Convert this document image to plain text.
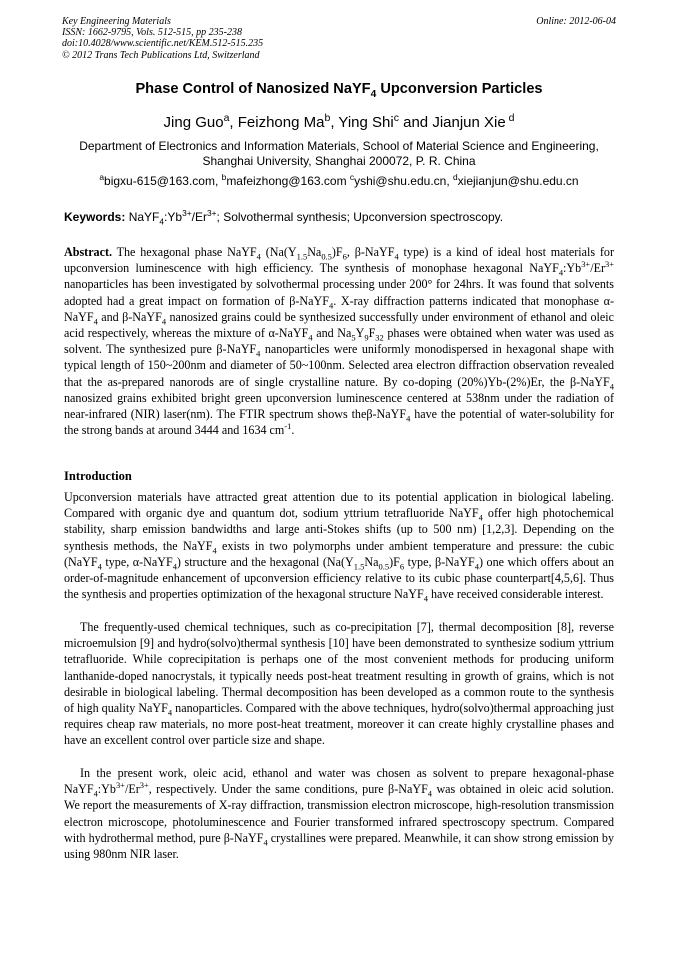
Key Engineering Materials
ISSN: 1662-9795, Vols. 512-515, pp 235-238
doi:10.4028/www.scientific.net/KEM.512-515.235
© 2012 Trans Tech Publications Ltd, Switzerland
Online: 2012-06-04
Phase Control of Nanosized NaYF$_4$ Upconversion Particles
Jing Guo$^a$, Feizhong Ma$^b$, Ying Shi$^c$ and Jianjun Xie $^d$
Department of Electronics and Information Materials, School of Material Science and Engineering,
Shanghai University, Shanghai 200072, P. R. China
$^a$bigxu-615@163.com, $^b$mafeizhong@163.com $^c$yshi@shu.edu.cn, $^d$xiejianjun@shu.edu.cn
Keywords: $NaYF_4:Yb^{3+}/Er^{3+}$; Solvothermal synthesis; Upconversion spectroscopy.
Abstract. The hexagonal phase NaYF$_4$ ($Na(Y_{1.5}Na_{0.5})F_6$, β-NaYF$_4$ type) is a kind of ideal host materials for upconversion luminescence with high efficiency. The synthesis of monophase hexagonal $NaYF_4:Yb^{3+}/Er^{3+}$ nanoparticles has been investigated by solvothermal processing under 200° for 24hrs. It was found that solvents adopted had a great impact on formation of β-NaYF$_4$. X-ray diffraction patterns indicated that monophase α-NaYF$_4$ and β-NaYF$_4$ nanosized grains could be synthesized successfully under environment of ethanol and oleic acid respectively, whereas the mixture of α-NaYF$_4$ and $Na_5Y_9F_{32}$ phases were obtained when water was used as solvent. The synthesized pure β-NaYF$_4$ nanoparticles were uniformly monodispersed in hexagonal shape with typical length of 150~200nm and diameter of 50~100nm. Selected area electron diffraction observation revealed that the as-prepared nanorods are of single crystalline nature. By co-doping (20%)Yb-(2%)Er, the β-NaYF$_4$ nanosized grains exhibited bright green upconversion luminescence centered at 538nm under the radiation of near-infrared (NIR) laser(nm). The FTIR spectrum shows theβ-NaYF$_4$ have the potential of water-solubility for the strong bands at around 3444 and 1634 $cm^{-1}$.
Introduction
Upconversion materials have attracted great attention due to its potential application in biological labeling. Compared with organic dye and quantum dot, sodium yttrium tetrafluoride NaYF$_4$ offer high photochemical stability, sharp emission bandwidths and large anti-Stokes shifts (up to 500 nm) [1,2,3]. Depending on the synthesis methods, the NaYF$_4$ exists in two polymorphs under ambient temperature and pressure: the cubic (NaYF$_4$ type, α-NaYF$_4$) structure and the hexagonal ($Na(Y_{1.5}Na_{0.5})F_6$ type, β-NaYF$_4$) one which offers about an order-of-magnitude enhancement of upconversion efficiency relative to its cubic phase counterpart[4,5,6]. Thus the synthesis and properties optimization of the hexagonal structure NaYF$_4$ have received considerable interest.
The frequently-used chemical techniques, such as co-precipitation [7], thermal decomposition [8], reverse microemulsion [9] and hydro(solvo)thermal synthesis [10] have been demonstrated to synthesize sodium yttrium tetrafluoride. While coprecipitation is perhaps one of the most convenient methods for producing uniform lanthanide-doped nanocrystals, it typically needs post-heat treatment resulting in growth of grains, which is not desirable in biological labeling. Thermal decomposition has been developed as a common route to the synthesis of high quality NaYF$_4$ nanoparticles. Compared with the above techniques, hydro(solvo)thermal approaching just requires cheap raw materials, no more post-heat treatment, moreover it can create highly crystalline phases and have an excellent control over particle size and shape.
In the present work, oleic acid, ethanol and water was chosen as solvent to prepare hexagonal-phase $NaYF_4:Yb^{3+}/Er^{3+}$, respectively. Under the same conditions, pure β-NaYF$_4$ was obtained in oleic acid solution. We report the measurements of X-ray diffraction, transmission electron microscope, high-resolution transmission electron microscope, photoluminescence and Fourier transformed infrared spectroscopy spectrum. Compared with hydrothermal method, pure β-NaYF$_4$ crystallines were prepared. Meanwhile, it can show strong emission by using 980nm NIR laser.
